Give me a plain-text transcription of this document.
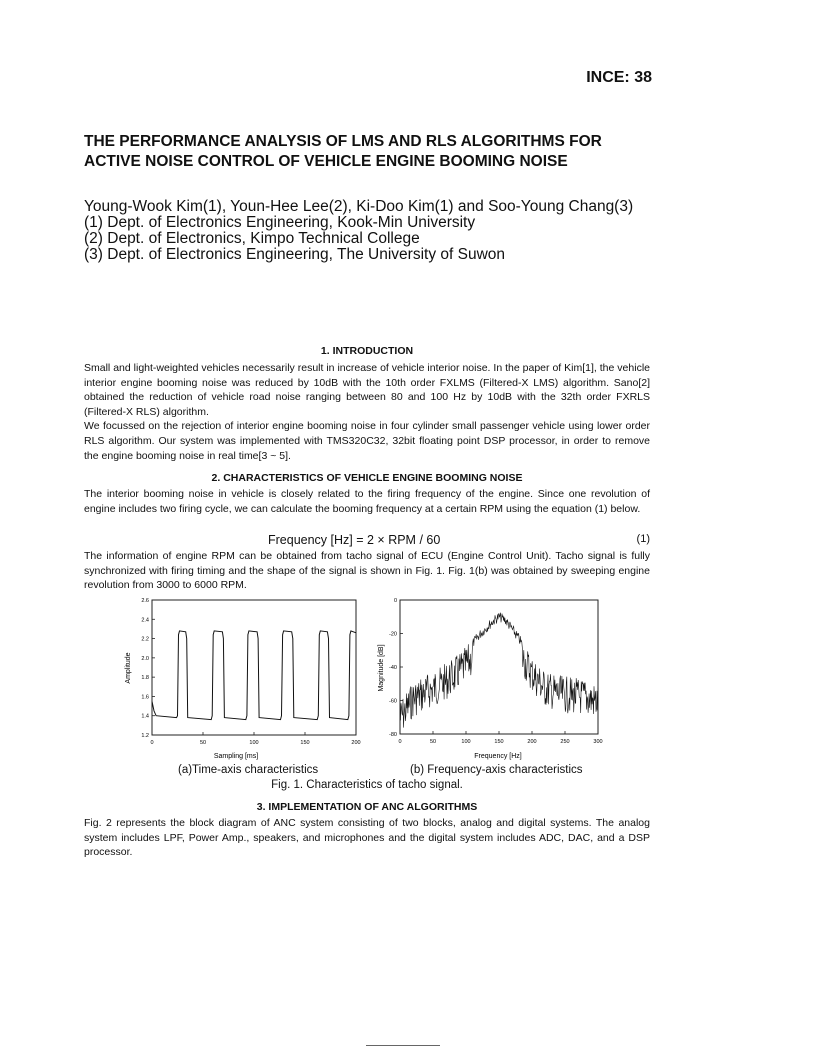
INCE: 38
THE PERFORMANCE ANALYSIS OF LMS AND RLS ALGORITHMS FOR
ACTIVE NOISE CONTROL OF VEHICLE ENGINE BOOMING NOISE
Young-Wook Kim(1), Youn-Hee Lee(2), Ki-Doo Kim(1) and Soo-Young Chang(3)
(1) Dept. of Electronics Engineering, Kook-Min University
(2) Dept. of Electronics, Kimpo Technical College
(3) Dept. of Electronics Engineering, The University of Suwon
1. INTRODUCTION
Small and light-weighted vehicles necessarily result in increase of vehicle interior noise. In the paper of Kim[1], the vehicle interior engine booming noise was reduced by 10dB with the 10th order FXLMS (Filtered-X LMS) algorithm. Sano[2] obtained the reduction of vehicle road noise ranging between 80 and 100 Hz by 10dB with the 32th order FXRLS (Filtered-X RLS) algorithm.
We focussed on the rejection of interior engine booming noise in four cylinder small passenger vehicle using lower order RLS algorithm. Our system was implemented with TMS320C32, 32bit floating point DSP processor, in order to remove the engine booming noise in real time[3 ~ 5].
2. CHARACTERISTICS OF VEHICLE ENGINE BOOMING NOISE
The interior booming noise in vehicle is closely related to the firing frequency of the engine. Since one revolution of engine includes two firing cycle, we can calculate the booming frequency at a certain RPM using the equation (1) below.
Frequency [Hz] = 2 × RPM / 60	(1)
The information of engine RPM can be obtained from tacho signal of ECU (Engine Control Unit). Tacho signal is fully synchronized with firing timing and the shape of the signal is shown in Fig. 1. Fig. 1(b) was obtained by sweeping engine revolution from 3000 to 6000 RPM.
1.2
1.4
1.6
1.8
2.0
2.2
2.4
2.6
0	50	100	150	200
Sampling [ms]
Amplitude
-80
-60
-40
-20
0
0	50	100	150	200	250	300
Frequency [Hz]
Magnitude [dB]
(a)Time-axis characteristics	(b) Frequency-axis characteristics
Fig. 1. Characteristics of tacho signal.
3. IMPLEMENTATION OF ANC ALGORITHMS
Fig. 2 represents the block diagram of ANC system consisting of two blocks, analog and digital systems. The analog system includes LPF, Power Amp., speakers, and microphones and the digital system includes ADC, DAC, and a DSP processor.
